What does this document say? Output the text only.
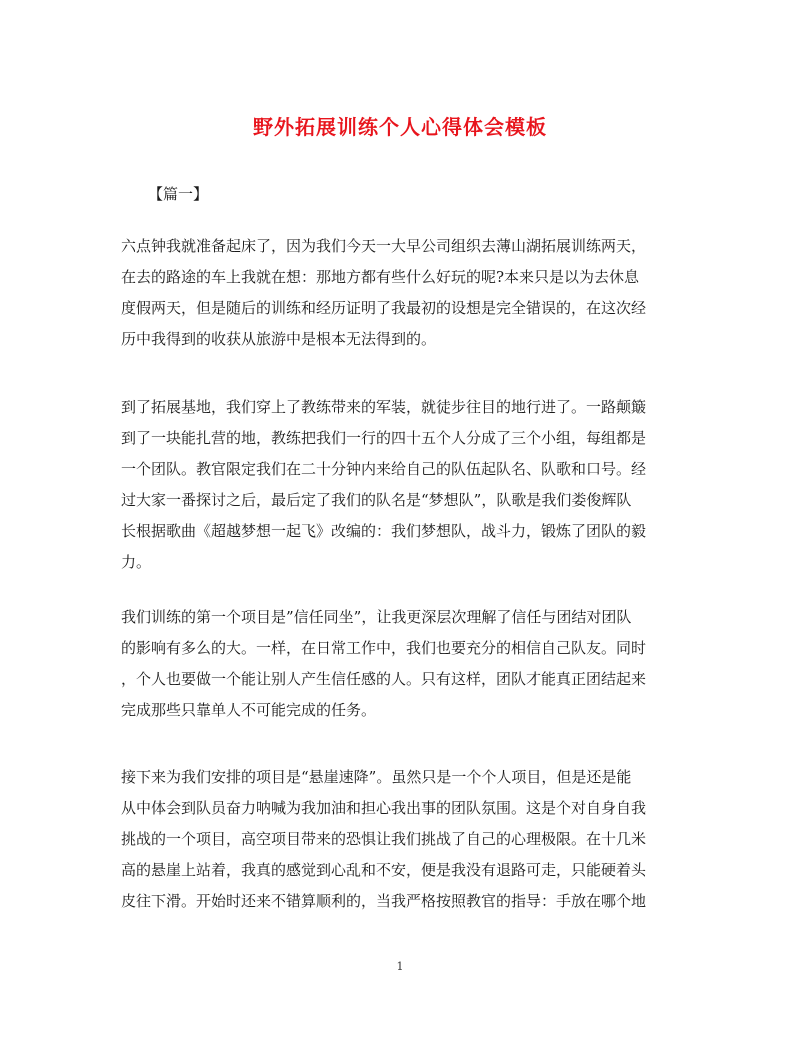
野外拓展训练个人心得体会模板

【篇一】

六点钟我就准备起床了，因为我们今天一大早公司组织去薄山湖拓展训练两天，
在去的路途的车上我就在想：那地方都有些什么好玩的呢?本来只是以为去休息
度假两天，但是随后的训练和经历证明了我最初的设想是完全错误的，在这次经
历中我得到的收获从旅游中是根本无法得到的。

到了拓展基地，我们穿上了教练带来的军装，就徒步往目的地行进了。一路颠簸
到了一块能扎营的地，教练把我们一行的四十五个人分成了三个小组，每组都是
一个团队。教官限定我们在二十分钟内来给自己的队伍起队名、队歌和口号。经
过大家一番探讨之后，最后定了我们的队名是“梦想队”，队歌是我们娄俊辉队
长根据歌曲《超越梦想一起飞》改编的：我们梦想队，战斗力，锻炼了团队的毅
力。

我们训练的第一个项目是”信任同坐”，让我更深层次理解了信任与团结对团队
的影响有多么的大。一样，在日常工作中，我们也要充分的相信自己队友。同时
，个人也要做一个能让别人产生信任感的人。只有这样，团队才能真正团结起来
完成那些只靠单人不可能完成的任务。

接下来为我们安排的项目是“悬崖速降”。虽然只是一个个人项目，但是还是能
从中体会到队员奋力呐喊为我加油和担心我出事的团队氛围。这是个对自身自我
挑战的一个项目，高空项目带来的恐惧让我们挑战了自己的心理极限。在十几米
高的悬崖上站着，我真的感觉到心乱和不安，便是我没有退路可走，只能硬着头
皮往下滑。开始时还来不错算顺利的，当我严格按照教官的指导：手放在哪个地

1
